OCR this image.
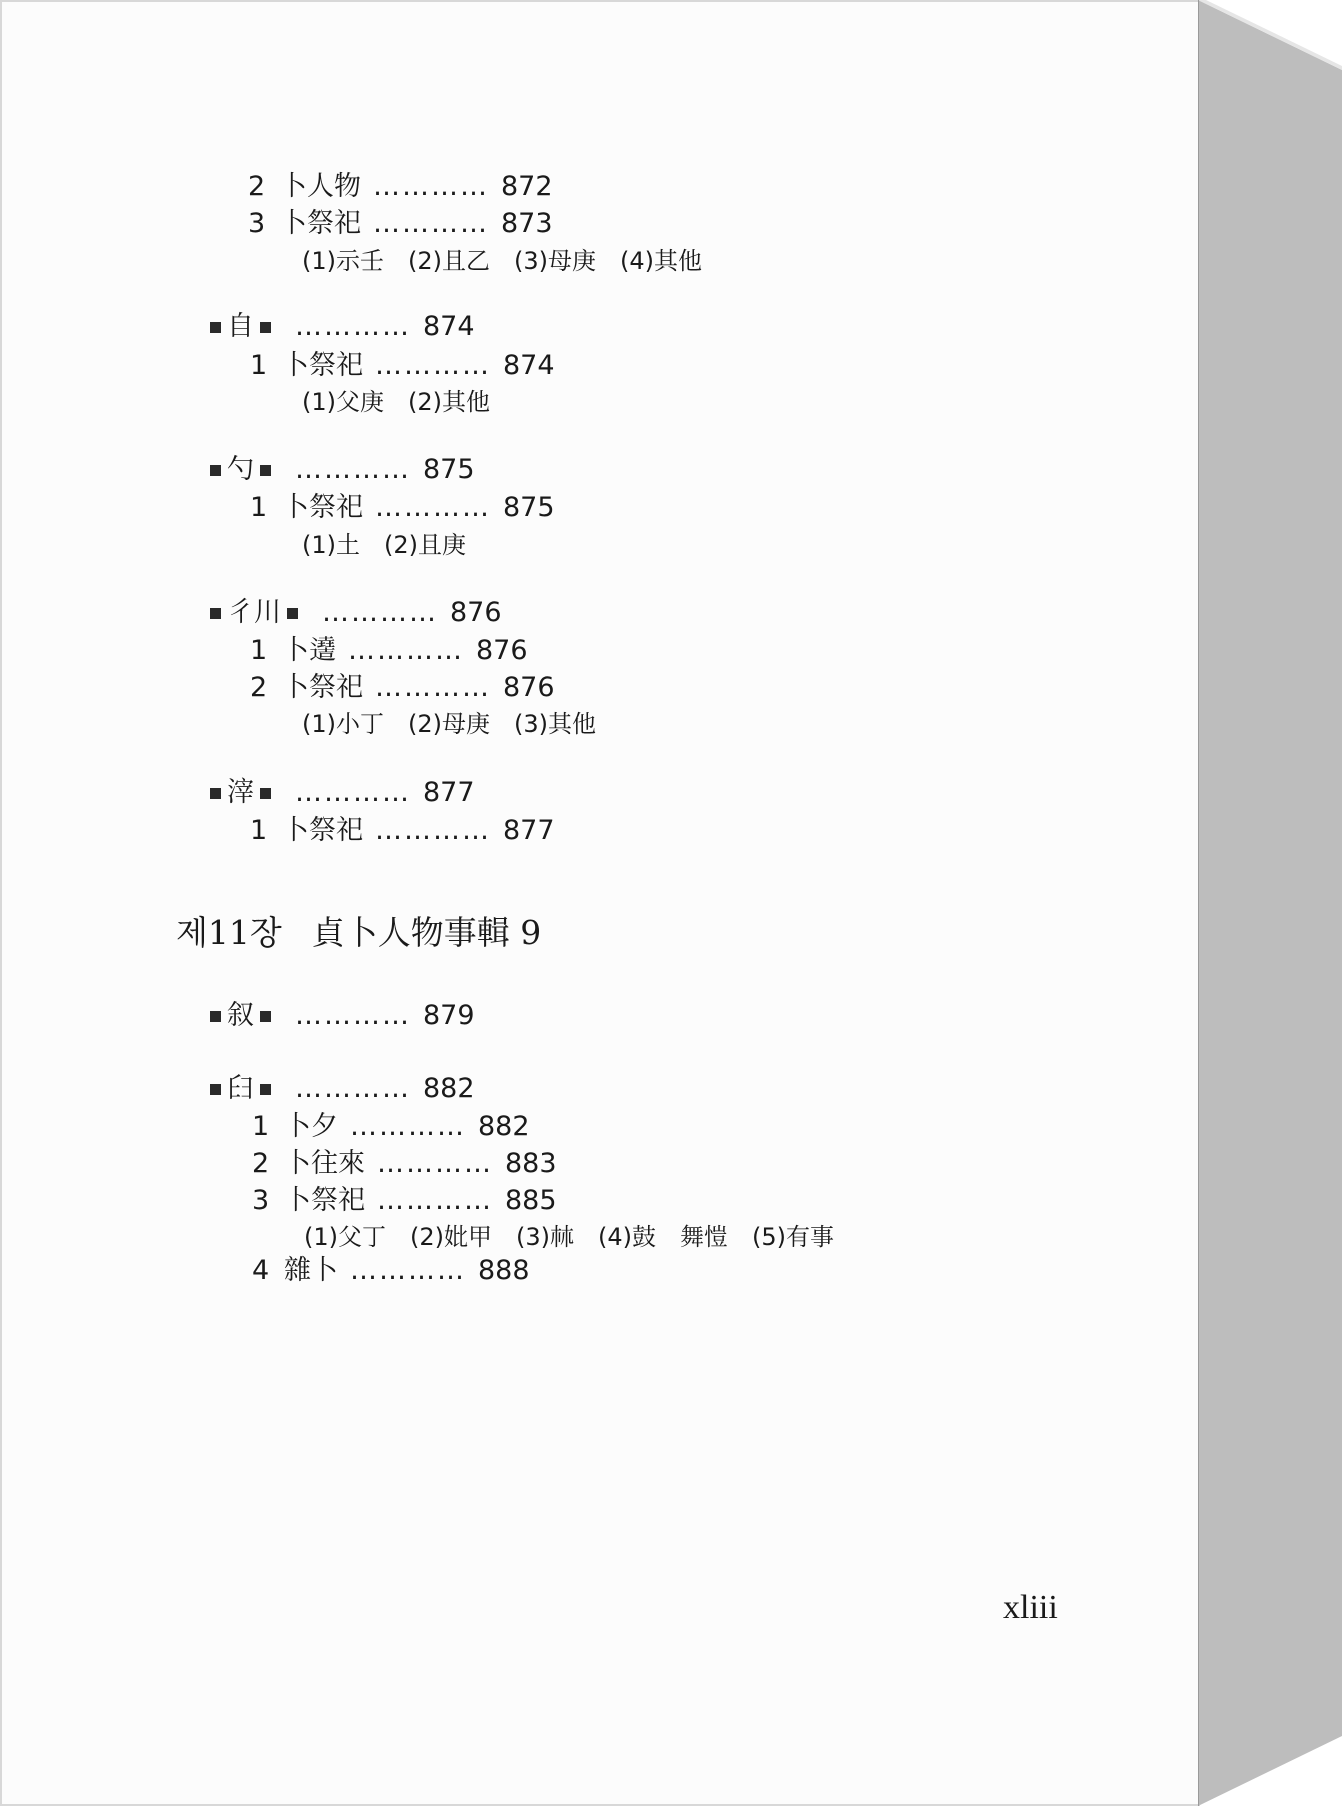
2 卜人物 ………… 872
3 卜祭祀 ………… 873
(1)示壬 (2)且乙 (3)母庚 (4)其他
自 ………… 874
1 卜祭祀 ………… 874
(1)父庚 (2)其他
勺 ………… 875
1 卜祭祀 ………… 875
(1)土 (2)且庚
彳川 ………… 876
1 卜𨘫 ………… 876
2 卜祭祀 ………… 876
(1)小丁 (2)母庚 (3)其他
滓 ………… 877
1 卜祭祀 ………… 877
제11장 貞卜人物事輯 9
叙 ………… 879
𦥑 ………… 882
1 卜夕 ………… 882
2 卜往來 ………… 883
3 卜祭祀 ………… 885
(1)父丁 (2)妣甲 (3)𣏟 (4)鼓 舞愷 (5)有事
4 雜卜 ………… 888
xliii
